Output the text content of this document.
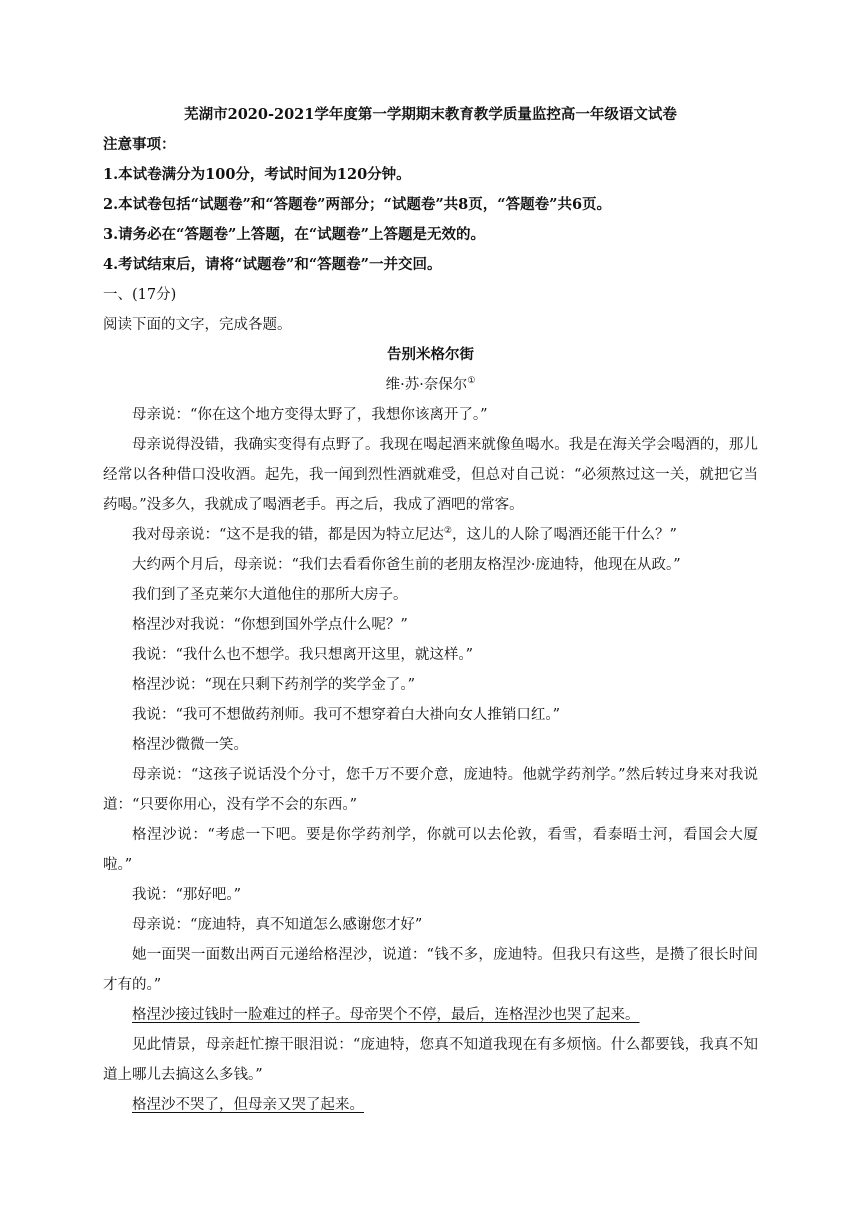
芜湖市2020-2021学年度第一学期期末教育教学质量监控高一年级语文试卷
注意事项：
1.本试卷满分为100分，考试时间为120分钟。
2.本试卷包括“试题卷”和“答题卷”两部分；“试题卷”共8页，“答题卷”共6页。
3.请务必在“答题卷”上答题，在“试题卷”上答题是无效的。
4.考试结束后，请将“试题卷”和“答题卷”一并交回。
一、(17分)
阅读下面的文字，完成各题。
告别米格尔街
维·苏·奈保尔①
母亲说：“你在这个地方变得太野了，我想你该离开了。”
母亲说得没错，我确实变得有点野了。我现在喝起酒来就像鱼喝水。我是在海关学会喝酒的，那儿经常以各种借口没收酒。起先，我一闻到烈性酒就难受，但总对自己说：“必须熬过这一关，就把它当药喝。”没多久，我就成了喝酒老手。再之后，我成了酒吧的常客。
我对母亲说：“这不是我的错，都是因为特立尼达②，这儿的人除了喝酒还能干什么？”
大约两个月后，母亲说：“我们去看看你爸生前的老朋友格涅沙·庞迪特，他现在从政。”
我们到了圣克莱尔大道他住的那所大房子。
格涅沙对我说：“你想到国外学点什么呢？”
我说：“我什么也不想学。我只想离开这里，就这样。”
格涅沙说：“现在只剩下药剂学的奖学金了。”
我说：“我可不想做药剂师。我可不想穿着白大褂向女人推销口红。”
格涅沙微微一笑。
母亲说：“这孩子说话没个分寸，您千万不要介意，庞迪特。他就学药剂学。”然后转过身来对我说道：“只要你用心，没有学不会的东西。”
格涅沙说：“考虑一下吧。要是你学药剂学，你就可以去伦敦，看雪，看泰晤士河，看国会大厦啦。”
我说：“那好吧。”
母亲说：“庞迪特，真不知道怎么感谢您才好”
她一面哭一面数出两百元递给格涅沙，说道：“钱不多，庞迪特。但我只有这些，是攒了很长时间才有的。”
格涅沙接过钱时一脸难过的样子。母帝哭个不停，最后，连格涅沙也哭了起来。
见此情景，母亲赶忙擦干眼泪说：“庞迪特，您真不知道我现在有多烦恼。什么都要钱，我真不知道上哪儿去搞这么多钱。”
格涅沙不哭了，但母亲又哭了起来。
